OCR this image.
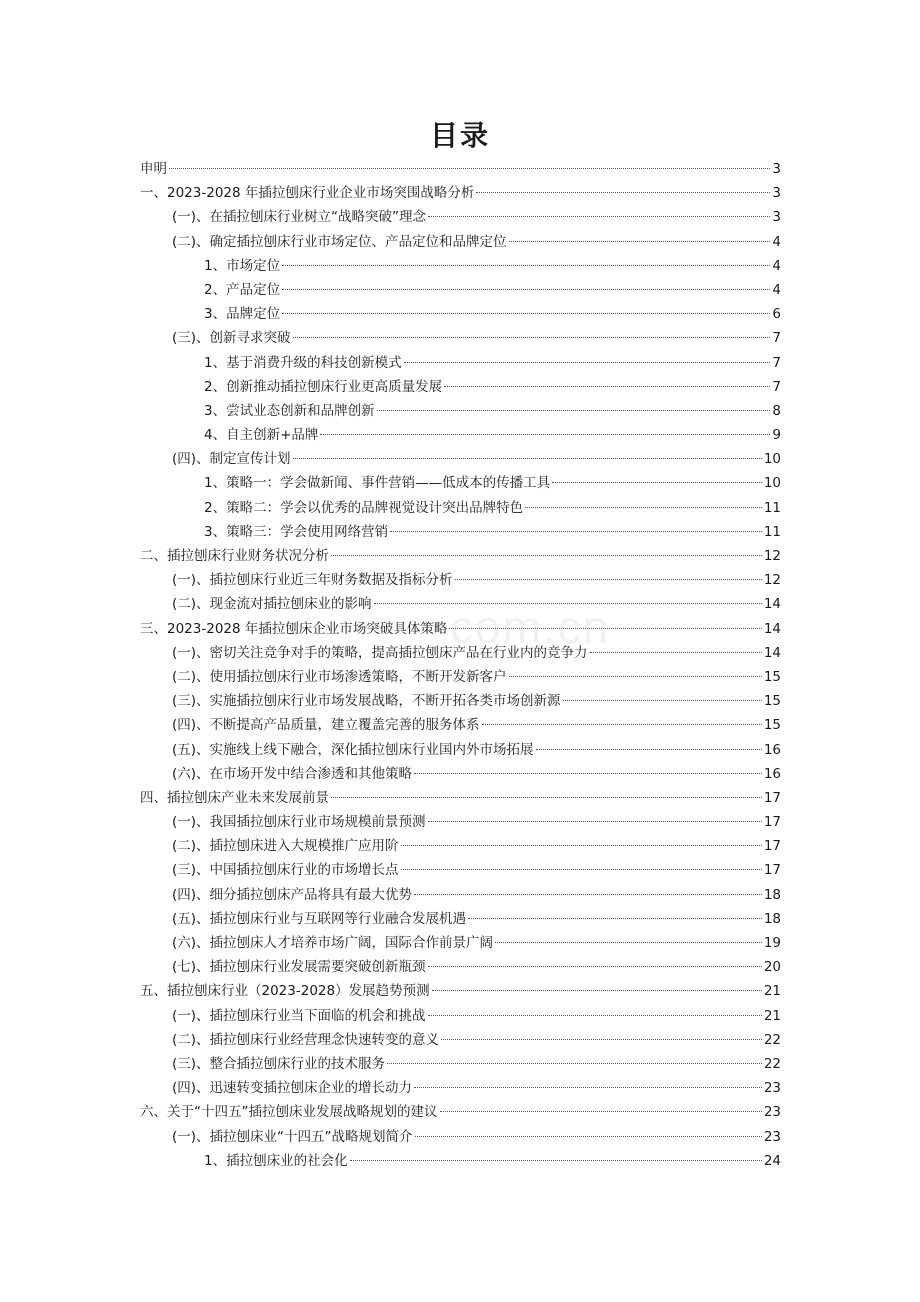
com.cn
目录
申明	3
一、2023-2028 年插拉刨床行业企业市场突围战略分析	3
(一)、在插拉刨床行业树立“战略突破”理念	3
(二)、确定插拉刨床行业市场定位、产品定位和品牌定位	4
1、市场定位	4
2、产品定位	4
3、品牌定位	6
(三)、创新寻求突破	7
1、基于消费升级的科技创新模式	7
2、创新推动插拉刨床行业更高质量发展	7
3、尝试业态创新和品牌创新	8
4、自主创新+品牌	9
(四)、制定宣传计划	10
1、策略一：学会做新闻、事件营销——低成本的传播工具	10
2、策略二：学会以优秀的品牌视觉设计突出品牌特色	11
3、策略三：学会使用网络营销	11
二、插拉刨床行业财务状况分析	12
(一)、插拉刨床行业近三年财务数据及指标分析	12
(二)、现金流对插拉刨床业的影响	14
三、2023-2028 年插拉刨床企业市场突破具体策略	14
(一)、密切关注竞争对手的策略，提高插拉刨床产品在行业内的竞争力	14
(二)、使用插拉刨床行业市场渗透策略，不断开发新客户	15
(三)、实施插拉刨床行业市场发展战略，不断开拓各类市场创新源	15
(四)、不断提高产品质量，建立覆盖完善的服务体系	15
(五)、实施线上线下融合，深化插拉刨床行业国内外市场拓展	16
(六)、在市场开发中结合渗透和其他策略	16
四、插拉刨床产业未来发展前景	17
(一)、我国插拉刨床行业市场规模前景预测	17
(二)、插拉刨床进入大规模推广应用阶	17
(三)、中国插拉刨床行业的市场增长点	17
(四)、细分插拉刨床产品将具有最大优势	18
(五)、插拉刨床行业与互联网等行业融合发展机遇	18
(六)、插拉刨床人才培养市场广阔，国际合作前景广阔	19
(七)、插拉刨床行业发展需要突破创新瓶颈	20
五、插拉刨床行业（2023-2028）发展趋势预测	21
(一)、插拉刨床行业当下面临的机会和挑战	21
(二)、插拉刨床行业经营理念快速转变的意义	22
(三)、整合插拉刨床行业的技术服务	22
(四)、迅速转变插拉刨床企业的增长动力	23
六、关于“十四五”插拉刨床业发展战略规划的建议	23
(一)、插拉刨床业“十四五”战略规划简介	23
1、插拉刨床业的社会化	24
